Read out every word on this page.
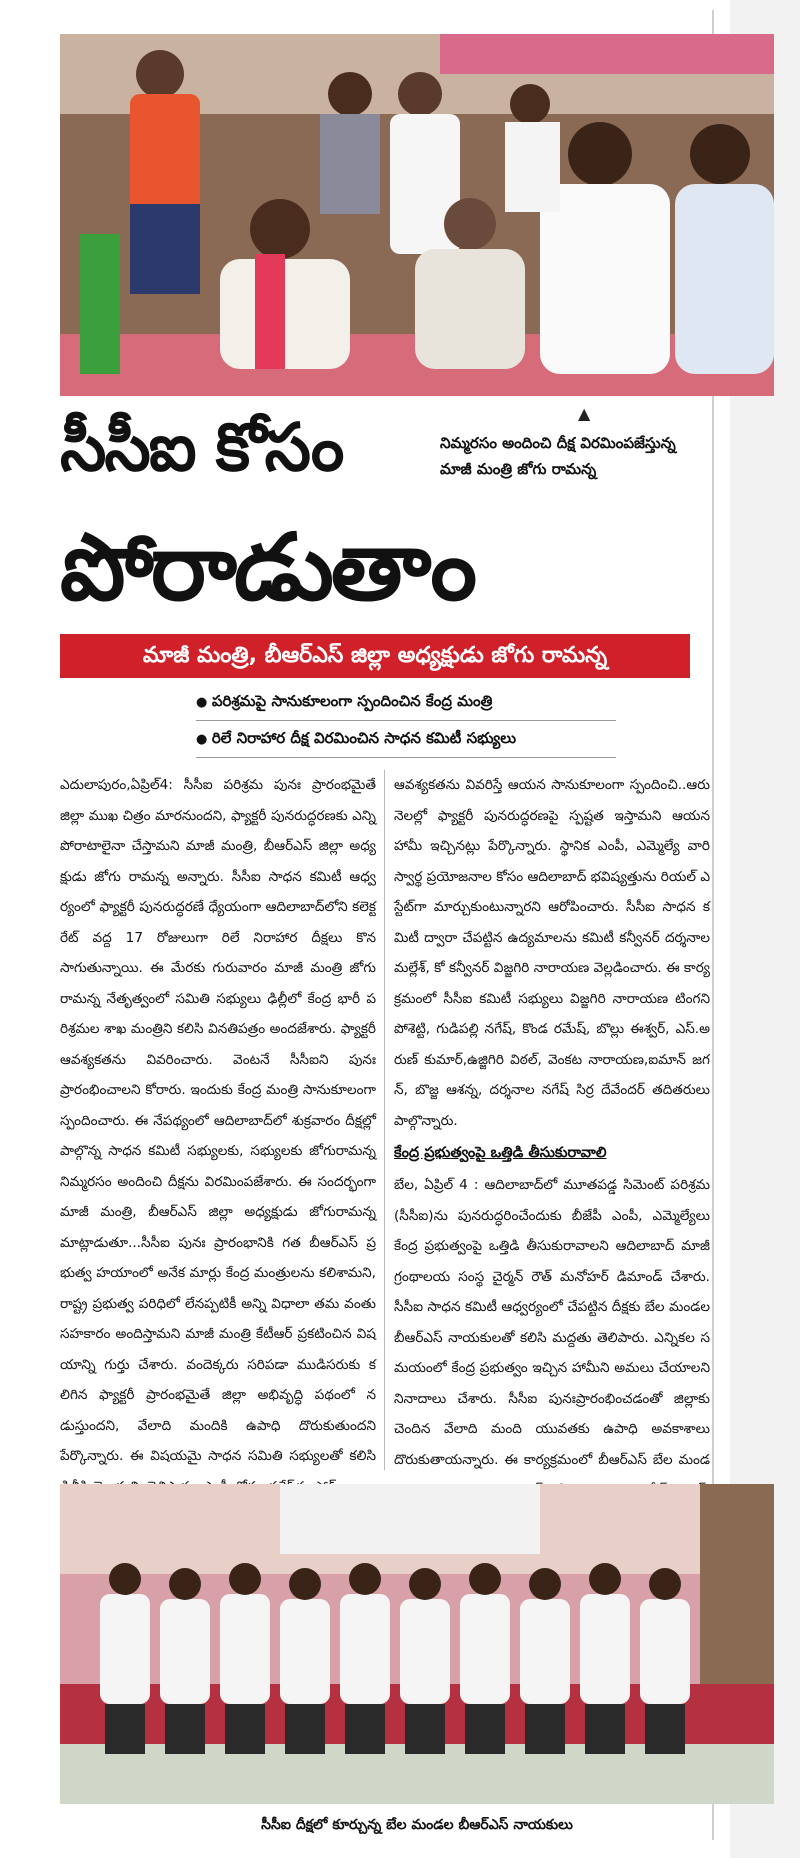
▲
నిమ్మరసం అందించి దీక్ష విరమింపజేస్తున్న మాజీ మంత్రి జోగు రామన్న
సీసీఐ కోసం
పోరాడుతాం
మాజీ మంత్రి, బీఆర్ఎస్ జిల్లా అధ్యక్షుడు జోగు రామన్న
● పరిశ్రమపై సానుకూలంగా స్పందించిన కేంద్ర మంత్రి
● రిలే నిరాహార దీక్ష విరమించిన సాధన కమిటీ సభ్యులు
ఎదులాపురం,ఏప్రిల్4: సీసీఐ పరిశ్రమ పునః ప్రారంభమైతే జిల్లా ముఖ చిత్రం మారనుందని, ఫ్యాక్టరీ పునరుద్ధరణకు ఎన్ని పోరాటాలైనా చేస్తామని మాజీ మంత్రి, బీఆర్ఎస్ జిల్లా అధ్యక్షుడు జోగు రామన్న అన్నారు. సీసీఐ సాధన కమిటీ ఆధ్వర్యంలో ఫ్యాక్టరీ పునరుద్ధరణే ధ్యేయంగా ఆదిలాబాద్‌లోని కలెక్టరేట్ వద్ద 17 రోజులుగా రిలే నిరాహార దీక్షలు కొనసాగుతున్నాయి. ఈ మేరకు గురువారం మాజీ మంత్రి జోగు రామన్న నేతృత్వంలో సమితి సభ్యులు ఢిల్లీలో కేంద్ర భారీ పరిశ్రమల శాఖ మంత్రిని కలిసి వినతిపత్రం అందజేశారు. ఫ్యాక్టరీ ఆవశ్యకతను వివరించారు. వెంటనే సీసీఐని పునః ప్రారంభించాలని కోరారు. ఇందుకు కేంద్ర మంత్రి సానుకూలంగా స్పందించారు. ఈ నేపథ్యంలో ఆదిలాబాద్‌లో శుక్రవారం దీక్షల్లో పాల్గొన్న సాధన కమిటీ సభ్యులకు, సభ్యులకు జోగురామన్న నిమ్మరసం అందించి దీక్షను విరమింపజేశారు. ఈ సందర్భంగా మాజీ మంత్రి, బీఆర్ఎస్ జిల్లా అధ్యక్షుడు జోగురామన్న మాట్లాడుతూ...సీసీఐ పునః ప్రారంభానికి గత బీఆర్ఎస్ ప్రభుత్వ హయాంలో అనేక మార్లు కేంద్ర మంత్రులను కలిశామని, రాష్ట్ర ప్రభుత్వ పరిధిలో లేనప్పటికీ అన్ని విధాలా తమ వంతు సహకారం అందిస్తామని మాజీ మంత్రి కేటీఆర్ ప్రకటించిన విషయాన్ని గుర్తు చేశారు. వందెక్కరు సరిపడా ముడిసరుకు కలిగిన ఫ్యాక్టరీ ప్రారంభమైతే జిల్లా అభివృద్ధి పథంలో నడుస్తుందని, వేలాది మందికి ఉపాధి దొరుకుతుందని పేర్కొన్నారు. ఈ విషయమై సాధన సమితి సభ్యులతో కలిసి
ఆవశ్యకతను వివరిస్తే ఆయన సానుకూలంగా స్పందించి..ఆరు నెలల్లో ఫ్యాక్టరీ పునరుద్ధరణపై స్పష్టత ఇస్తామని ఆయన హామీ ఇచ్చినట్లు పేర్కొన్నారు. స్థానిక ఎంపీ, ఎమ్మెల్యే వారి స్వార్థ ప్రయోజనాల కోసం ఆదిలాబాద్ భవిష్యత్తును రియల్ ఎస్టేట్‌గా మార్చుకుంటున్నారని ఆరోపించారు. సీసీఐ సాధన కమిటీ ద్వారా చేపట్టిన ఉద్యమాలను కమిటీ కన్వీనర్ దర్శనాల మల్లేశ్, కో కన్వీనర్ విజ్జగిరి నారాయణ వెల్లడించారు. ఈ కార్యక్రమంలో సీసీఐ కమిటీ సభ్యులు విజ్జగిరి నారాయణ టింగని పోశెట్టి, గుడిపల్లి నగేష్, కొండ రమేష్, బొల్లు ఈశ్వర్, ఎస్.అరుణ్ కుమార్,ఉజ్జిగిరి విఠల్, వెంకట నారాయణ,ఐమాన్ జగన్, బొజ్జ ఆశన్న, దర్శనాల నగేష్ సిర్ర దేవేందర్ తదితరులు పాల్గొన్నారు.
కేంద్ర ప్రభుత్వంపై ఒత్తిడి తీసుకురావాలి
బేల, ఏప్రిల్ 4 : ఆదిలాబాద్‌లో మూతపడ్డ సిమెంట్ పరిశ్రమ(సీసీఐ)ను పునరుద్ధరించేందుకు బీజేపీ ఎంపీ, ఎమ్మెల్యేలు కేంద్ర ప్రభుత్వంపై ఒత్తిడి తీసుకురావాలని ఆదిలాబాద్ మాజీ గ్రంథాలయ సంస్థ చైర్మన్ రౌత్ మనోహర్ డిమాండ్ చేశారు. సీసీఐ సాధన కమిటీ ఆధ్వర్యంలో చేపట్టిన దీక్షకు బేల మండల బీఆర్ఎస్ నాయకులతో కలిసి మద్దతు తెలిపారు. ఎన్నికల సమయంలో కేంద్ర ప్రభుత్వం ఇచ్చిన హామీని అమలు చేయాలని నినాదాలు చేశారు. సీసీఐ పునఃప్రారంభించడంతో జిల్లాకు చెందిన వేలాది మంది యువతకు ఉపాధి అవకాశాలు దొరుకుతాయన్నారు. ఈ కార్యక్రమంలో బీఆర్ఎస్ బేల మండ
సీసీఐ దీక్షలో కూర్చున్న బేల మండల బీఆర్ఎస్ నాయకులు
